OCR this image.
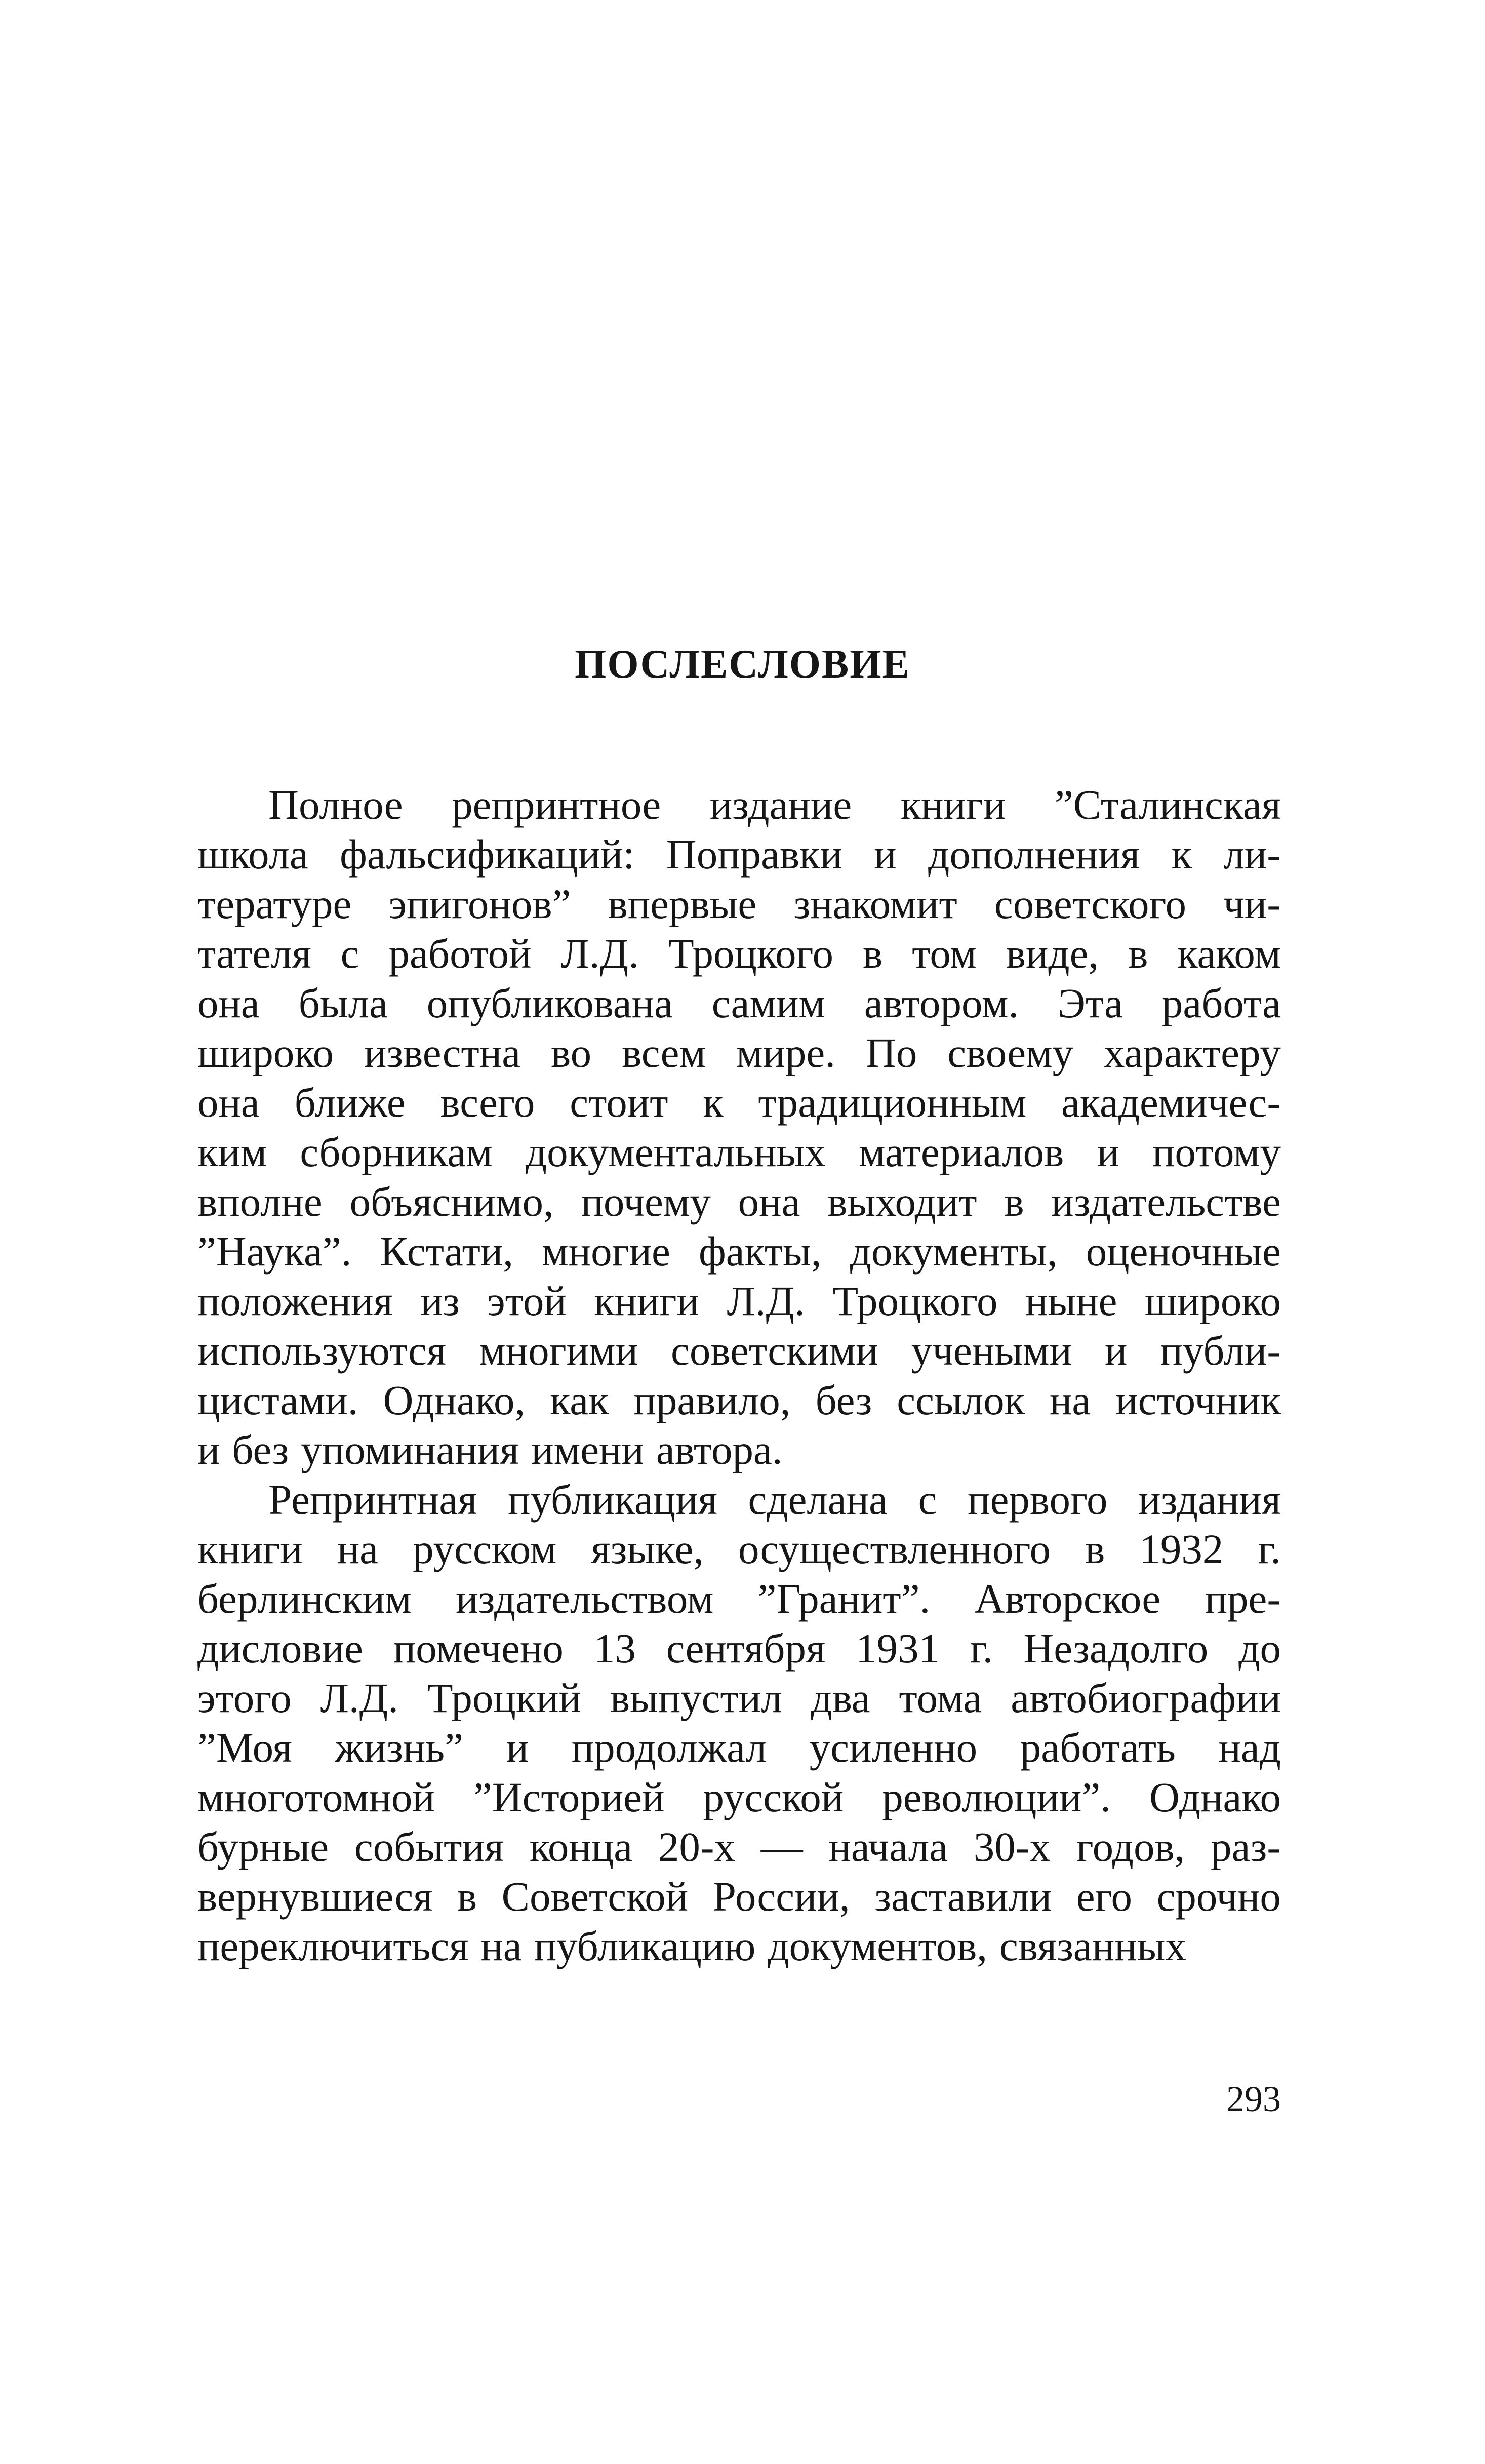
ПОСЛЕСЛОВИЕ
Полное репринтное издание книги ”Сталинская
школа фальсификаций: Поправки и дополнения к ли-
тературе эпигонов” впервые знакомит советского чи-
тателя с работой Л.Д. Троцкого в том виде, в каком
она была опубликована самим автором. Эта работа
широко известна во всем мире. По своему характеру
она ближе всего стоит к традиционным академичес-
ким сборникам документальных материалов и потому
вполне объяснимо, почему она выходит в издательстве
”Наука”. Кстати, многие факты, документы, оценочные
положения из этой книги Л.Д. Троцкого ныне широко
используются многими советскими учеными и публи-
цистами. Однако, как правило, без ссылок на источник
и без упоминания имени автора.
Репринтная публикация сделана с первого издания
книги на русском языке, осуществленного в 1932 г.
берлинским издательством ”Гранит”. Авторское пре-
дисловие помечено 13 сентября 1931 г. Незадолго до
этого Л.Д. Троцкий выпустил два тома автобиографии
”Моя жизнь” и продолжал усиленно работать над
многотомной ”Историей русской революции”. Однако
бурные события конца 20-х — начала 30-х годов, раз-
вернувшиеся в Советской России, заставили его срочно
переключиться на публикацию документов, связанных
293
